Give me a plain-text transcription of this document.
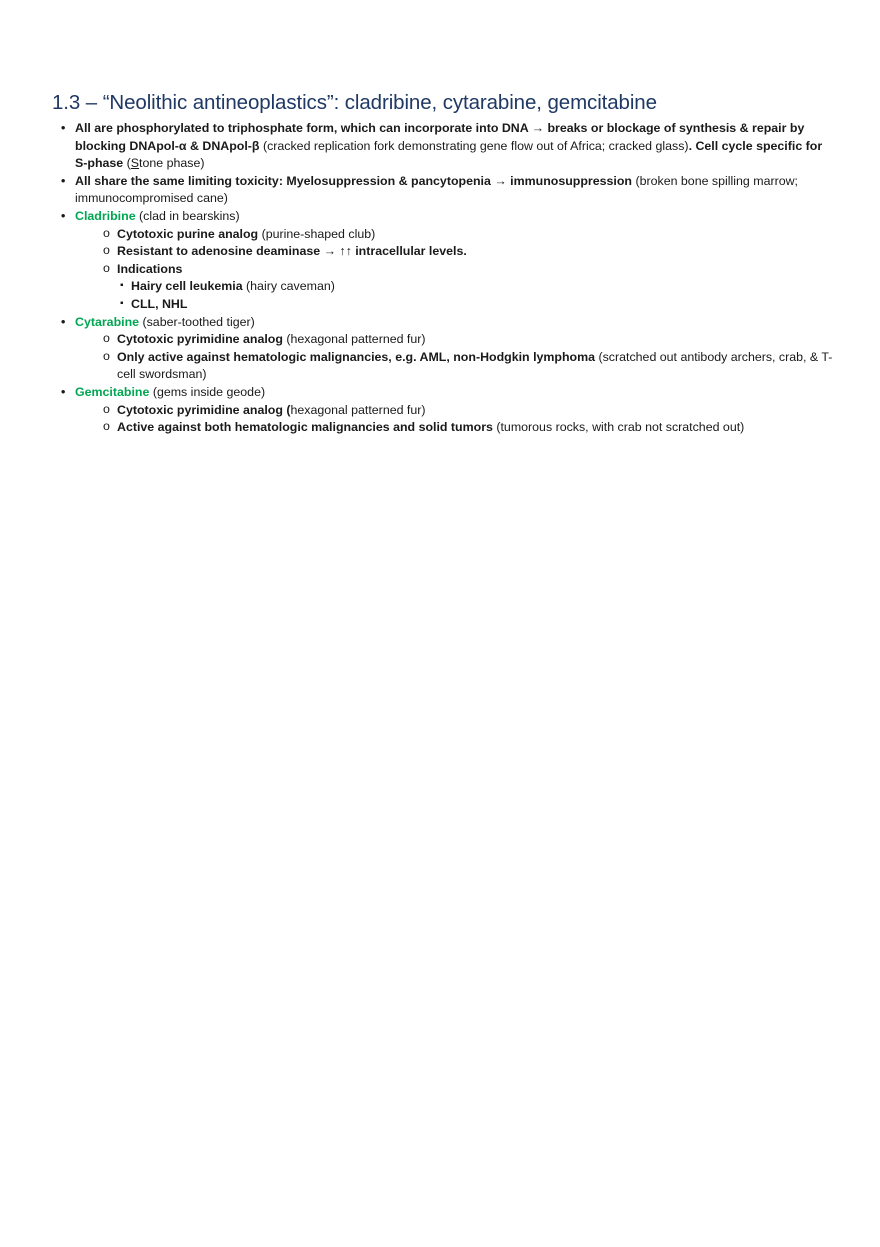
1.3 – “Neolithic antineoplastics”: cladribine, cytarabine, gemcitabine
• All are phosphorylated to triphosphate form, which can incorporate into DNA → breaks or blockage of synthesis & repair by blocking DNApol-α & DNApol-β (cracked replication fork demonstrating gene flow out of Africa; cracked glass). Cell cycle specific for S-phase (Stone phase)
• All share the same limiting toxicity: Myelosuppression & pancytopenia → immunosuppression (broken bone spilling marrow; immunocompromised cane)
• Cladribine (clad in bearskins)
o Cytotoxic purine analog (purine-shaped club)
o Resistant to adenosine deaminase → ↑↑ intracellular levels.
o Indications
▪ Hairy cell leukemia (hairy caveman)
▪ CLL, NHL
• Cytarabine (saber-toothed tiger)
o Cytotoxic pyrimidine analog (hexagonal patterned fur)
o Only active against hematologic malignancies, e.g. AML, non-Hodgkin lymphoma (scratched out antibody archers, crab, & T-cell swordsman)
• Gemcitabine (gems inside geode)
o Cytotoxic pyrimidine analog (hexagonal patterned fur)
o Active against both hematologic malignancies and solid tumors (tumorous rocks, with crab not scratched out)
